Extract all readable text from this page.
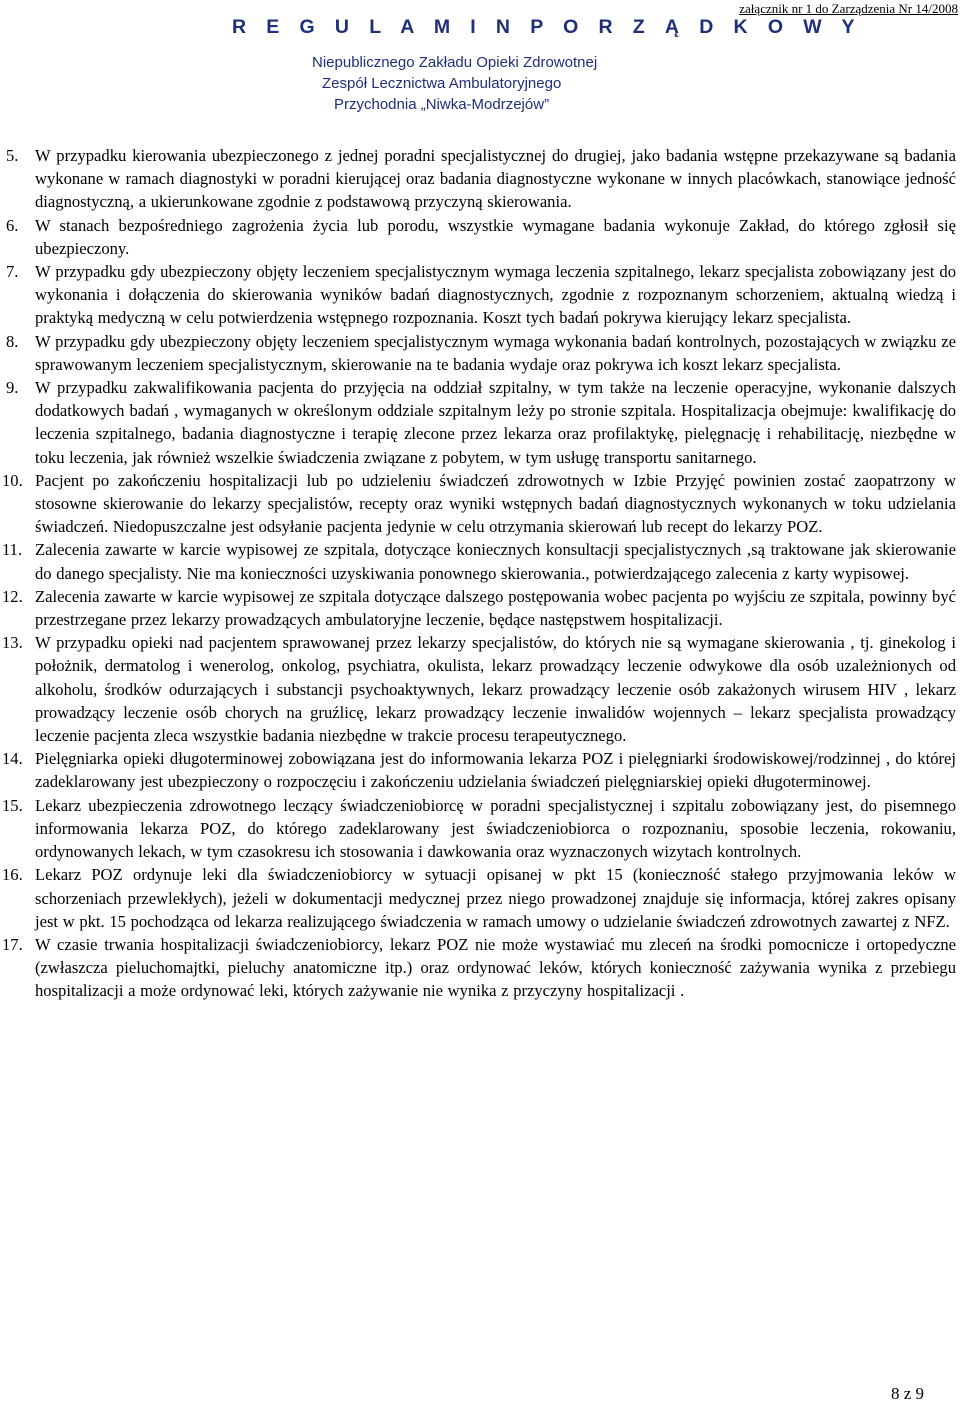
załącznik nr 1 do Zarządzenia Nr 14/2008
R E G U L A M I N P O R Z Ą D K O W Y
Niepublicznego Zakładu Opieki Zdrowotnej
Zespół Lecznictwa Ambulatoryjnego
Przychodnia „Niwka-Modrzejów”
5. W przypadku kierowania ubezpieczonego z jednej poradni specjalistycznej do drugiej, jako badania wstępne przekazywane są badania wykonane w ramach diagnostyki w poradni kierującej oraz badania diagnostyczne wykonane w innych placówkach, stanowiące jedność diagnostyczną, a ukierunkowane zgodnie z podstawową przyczyną skierowania.
6. W stanach bezpośredniego zagrożenia życia lub porodu, wszystkie wymagane badania wykonuje Zakład, do którego zgłosił się ubezpieczony.
7. W przypadku gdy ubezpieczony objęty leczeniem specjalistycznym wymaga leczenia szpitalnego, lekarz specjalista zobowiązany jest do wykonania i dołączenia do skierowania wyników badań diagnostycznych, zgodnie z rozpoznanym schorzeniem, aktualną wiedzą i praktyką medyczną w celu potwierdzenia wstępnego rozpoznania. Koszt tych badań pokrywa kierujący lekarz specjalista.
8. W przypadku gdy ubezpieczony objęty leczeniem specjalistycznym wymaga wykonania badań kontrolnych, pozostających w związku ze sprawowanym leczeniem specjalistycznym, skierowanie na te badania wydaje oraz pokrywa ich koszt lekarz specjalista.
9. W przypadku zakwalifikowania pacjenta do przyjęcia na oddział szpitalny, w tym także na leczenie operacyjne, wykonanie dalszych dodatkowych badań , wymaganych w określonym oddziale szpitalnym leży po stronie szpitala. Hospitalizacja obejmuje: kwalifikację do leczenia szpitalnego, badania diagnostyczne i terapię zlecone przez lekarza oraz profilaktykę, pielęgnację i rehabilitację, niezbędne w toku leczenia, jak również wszelkie świadczenia związane z pobytem, w tym usługę transportu sanitarnego.
10. Pacjent po zakończeniu hospitalizacji lub po udzieleniu świadczeń zdrowotnych w Izbie Przyjęć powinien zostać zaopatrzony w stosowne skierowanie do lekarzy specjalistów, recepty oraz wyniki wstępnych badań diagnostycznych wykonanych w toku udzielania świadczeń. Niedopuszczalne jest odsyłanie pacjenta jedynie w celu otrzymania skierowań lub recept do lekarzy POZ.
11. Zalecenia zawarte w karcie wypisowej ze szpitala, dotyczące koniecznych konsultacji specjalistycznych ,są traktowane jak skierowanie do danego specjalisty. Nie ma konieczności uzyskiwania ponownego skierowania., potwierdzającego zalecenia z karty wypisowej.
12. Zalecenia zawarte w karcie wypisowej ze szpitala dotyczące dalszego postępowania wobec pacjenta po wyjściu ze szpitala, powinny być przestrzegane przez lekarzy prowadzących ambulatoryjne leczenie, będące następstwem hospitalizacji.
13. W przypadku opieki nad pacjentem sprawowanej przez lekarzy specjalistów, do których nie są wymagane skierowania , tj. ginekolog i położnik, dermatolog i wenerolog, onkolog, psychiatra, okulista, lekarz prowadzący leczenie odwykowe dla osób uzależnionych od alkoholu, środków odurzających i substancji psychoaktywnych, lekarz prowadzący leczenie osób zakażonych wirusem HIV , lekarz prowadzący leczenie osób chorych na gruźlicę, lekarz prowadzący leczenie inwalidów wojennych – lekarz specjalista prowadzący leczenie pacjenta zleca wszystkie badania niezbędne w trakcie procesu terapeutycznego.
14. Pielęgniarka opieki długoterminowej zobowiązana jest do informowania lekarza POZ i pielęgniarki środowiskowej/rodzinnej , do której zadeklarowany jest ubezpieczony o rozpoczęciu i zakończeniu udzielania świadczeń pielęgniarskiej opieki długoterminowej.
15. Lekarz ubezpieczenia zdrowotnego leczący świadczeniobiorcę w poradni specjalistycznej i szpitalu zobowiązany jest, do pisemnego informowania lekarza POZ, do którego zadeklarowany jest świadczeniobiorca o rozpoznaniu, sposobie leczenia, rokowaniu, ordynowanych lekach, w tym czasokresu ich stosowania i dawkowania oraz wyznaczonych wizytach kontrolnych.
16. Lekarz POZ ordynuje leki dla świadczeniobiorcy w sytuacji opisanej w pkt 15 (konieczność stałego przyjmowania leków w schorzeniach przewlekłych), jeżeli w dokumentacji medycznej przez niego prowadzonej znajduje się informacja, której zakres opisany jest w pkt. 15 pochodząca od lekarza realizującego świadczenia w ramach umowy o udzielanie świadczeń zdrowotnych zawartej z NFZ.
17. W czasie trwania hospitalizacji świadczeniobiorcy, lekarz POZ nie może wystawiać mu zleceń na środki pomocnicze i ortopedyczne (zwłaszcza pieluchomajtki, pieluchy anatomiczne itp.) oraz ordynować leków, których konieczność zażywania wynika z przebiegu hospitalizacji a może ordynować leki, których zażywanie nie wynika z przyczyny hospitalizacji .
8 z 9
